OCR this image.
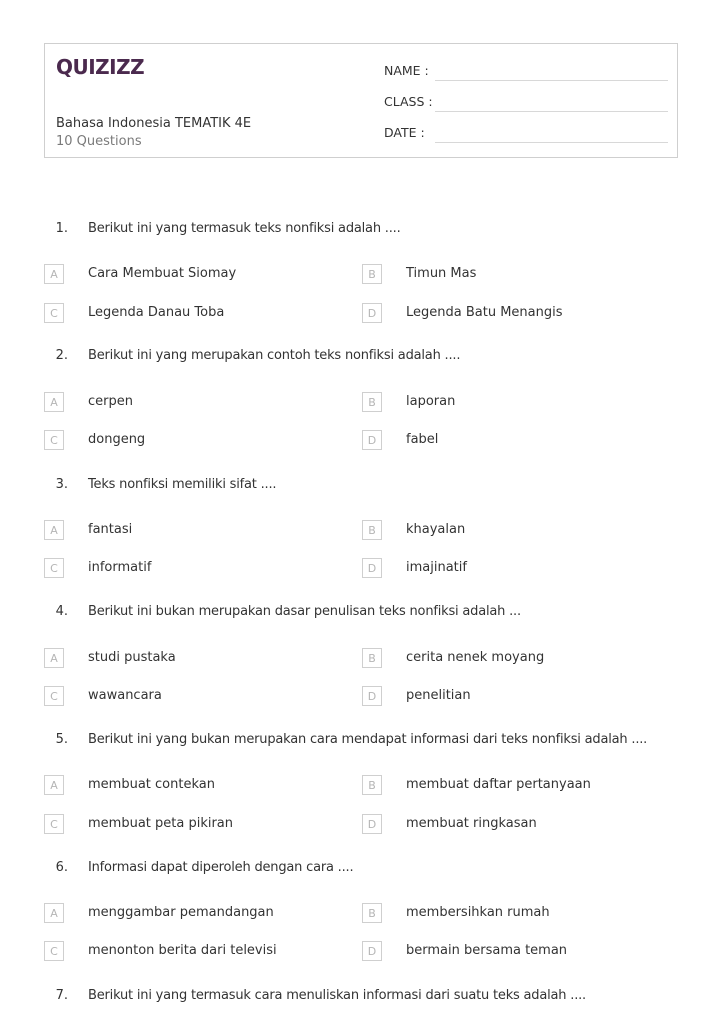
QUIZIZZ
Bahasa Indonesia TEMATIK 4E
10 Questions
NAME :
CLASS :
DATE :
1. Berikut ini yang termasuk teks nonfiksi adalah ....
A	Cara Membuat Siomay	B	Timun Mas
C	Legenda Danau Toba	D	Legenda Batu Menangis
2. Berikut ini yang merupakan contoh teks nonfiksi adalah ....
A	cerpen	B	laporan
C	dongeng	D	fabel
3. Teks nonfiksi memiliki sifat ....
A	fantasi	B	khayalan
C	informatif	D	imajinatif
4. Berikut ini bukan merupakan dasar penulisan teks nonfiksi adalah ...
A	studi pustaka	B	cerita nenek moyang
C	wawancara	D	penelitian
5. Berikut ini yang bukan merupakan cara mendapat informasi dari teks nonfiksi adalah ....
A	membuat contekan	B	membuat daftar pertanyaan
C	membuat peta pikiran	D	membuat ringkasan
6. Informasi dapat diperoleh dengan cara ....
A	menggambar pemandangan	B	membersihkan rumah
C	menonton berita dari televisi	D	bermain bersama teman
7. Berikut ini yang termasuk cara menuliskan informasi dari suatu teks adalah ....
